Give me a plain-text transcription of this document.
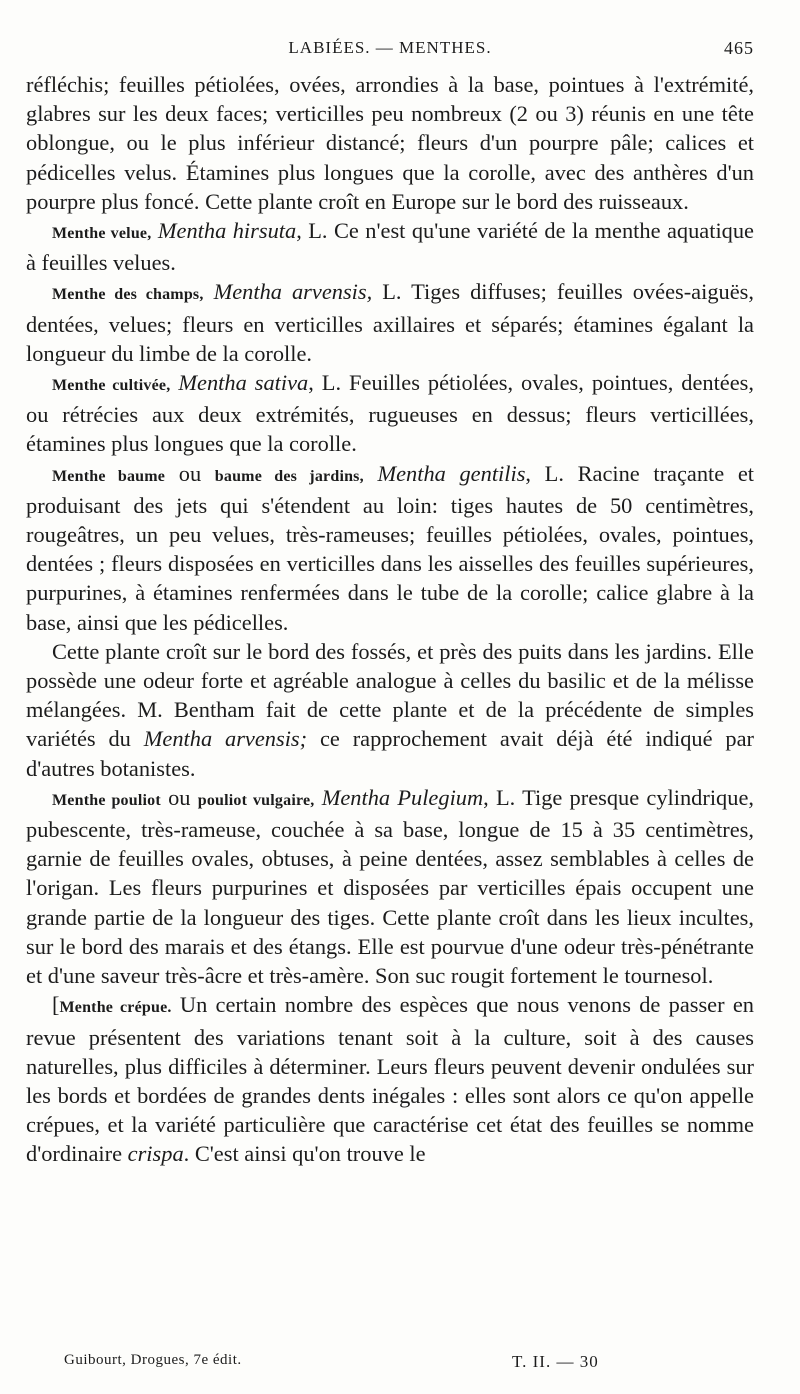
LABIÉES. — MENTHES.	465

réfléchis; feuilles pétiolées, ovées, arrondies à la base, pointues à l'extrémité, glabres sur les deux faces; verticilles peu nombreux (2 ou 3) réunis en une tête oblongue, ou le plus inférieur distancé; fleurs d'un pourpre pâle; calices et pédicelles velus. Étamines plus longues que la corolle, avec des anthères d'un pourpre plus foncé. Cette plante croît en Europe sur le bord des ruisseaux.

Menthe velue, Mentha hirsuta, L. Ce n'est qu'une variété de la menthe aquatique à feuilles velues.

Menthe des champs, Mentha arvensis, L. Tiges diffuses; feuilles ovées-aiguës, dentées, velues; fleurs en verticilles axillaires et séparés; étamines égalant la longueur du limbe de la corolle.

Menthe cultivée, Mentha sativa, L. Feuilles pétiolées, ovales, pointues, dentées, ou rétrécies aux deux extrémités, rugueuses en dessus; fleurs verticillées, étamines plus longues que la corolle.

Menthe baume ou baume des jardins, Mentha gentilis, L. Racine traçante et produisant des jets qui s'étendent au loin: tiges hautes de 50 centimètres, rougeâtres, un peu velues, très-rameuses; feuilles pétiolées, ovales, pointues, dentées ; fleurs disposées en verticilles dans les aisselles des feuilles supérieures, purpurines, à étamines renfermées dans le tube de la corolle; calice glabre à la base, ainsi que les pédicelles.

Cette plante croît sur le bord des fossés, et près des puits dans les jardins. Elle possède une odeur forte et agréable analogue à celles du basilic et de la mélisse mélangées. M. Bentham fait de cette plante et de la précédente de simples variétés du Mentha arvensis; ce rapprochement avait déjà été indiqué par d'autres botanistes.

Menthe pouliot ou pouliot vulgaire, Mentha Pulegium, L. Tige presque cylindrique, pubescente, très-rameuse, couchée à sa base, longue de 15 à 35 centimètres, garnie de feuilles ovales, obtuses, à peine dentées, assez semblables à celles de l'origan. Les fleurs purpurines et disposées par verticilles épais occupent une grande partie de la longueur des tiges. Cette plante croît dans les lieux incultes, sur le bord des marais et des étangs. Elle est pourvue d'une odeur très-pénétrante et d'une saveur très-âcre et très-amère. Son suc rougit fortement le tournesol.

[Menthe crépue. Un certain nombre des espèces que nous venons de passer en revue présentent des variations tenant soit à la culture, soit à des causes naturelles, plus difficiles à déterminer. Leurs fleurs peuvent devenir ondulées sur les bords et bordées de grandes dents inégales : elles sont alors ce qu'on appelle crépues, et la variété particulière que caractérise cet état des feuilles se nomme d'ordinaire crispa. C'est ainsi qu'on trouve le

Guibourt, Drogues, 7e édit.	T. II. — 30
